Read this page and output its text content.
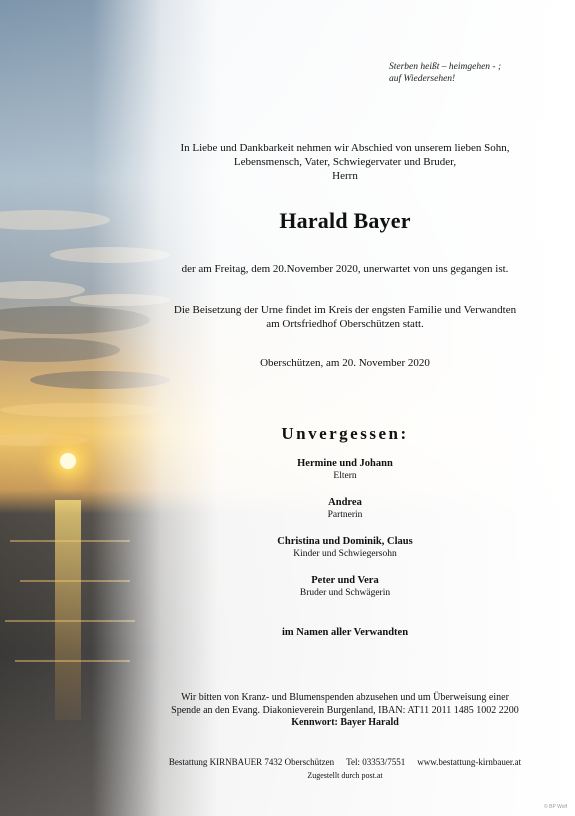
Sterben heißt – heimgehen - ;
auf Wiedersehen!
In Liebe und Dankbarkeit nehmen wir Abschied von unserem lieben Sohn,
Lebensmensch, Vater, Schwiegervater und Bruder,
Herrn
Harald Bayer
der am Freitag, dem 20.November 2020, unerwartet von uns gegangen ist.
Die Beisetzung der Urne findet im Kreis der engsten Familie und Verwandten
am Ortsfriedhof Oberschützen statt.
Oberschützen, am 20. November 2020
Unvergessen:
Hermine und Johann
Eltern
Andrea
Partnerin
Christina und Dominik, Claus
Kinder und Schwiegersohn
Peter und Vera
Bruder und Schwägerin
im Namen aller Verwandten
Wir bitten von Kranz- und Blumenspenden abzusehen und um Überweisung einer
Spende an den Evang. Diakonieverein Burgenland, IBAN: AT11 2011 1485 1002 2200
Kennwort: Bayer Harald
Bestattung KIRNBAUER 7432 Oberschützen Tel: 03353/7551 www.bestattung-kirnbauer.at
Zugestellt durch post.at
© BP Wolf
